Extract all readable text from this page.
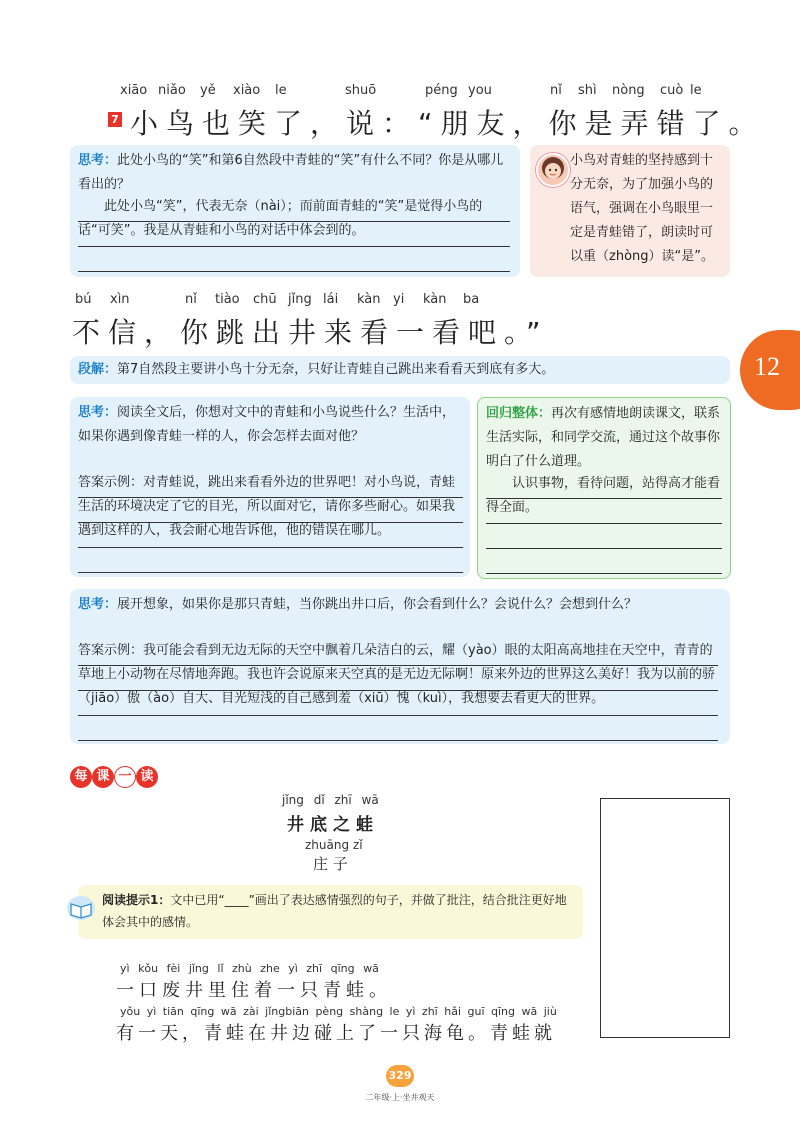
xiāo niǎo yě xiào le	shuō	péng you	nǐ shì nòng cuò le
7 小鸟也笑了，说：“朋友，你是弄错了。
思考：此处小鸟的“笑”和第6自然段中青蛙的“笑”有什么不同？你是从哪儿看出的？
此处小鸟“笑”，代表无奈（nài）；而前面青蛙的“笑”是觉得小鸟的话“可笑”。我是从青蛙和小鸟的对话中体会到的。
小鸟对青蛙的坚持感到十分无奈，为了加强小鸟的语气，强调在小鸟眼里一定是青蛙错了，朗读时可以重（zhòng）读“是”。
bú xìn	nǐ tiào chū jǐng lái kàn yi kàn ba
不信，你跳出井来看一看吧。”
段解：第7自然段主要讲小鸟十分无奈，只好让青蛙自己跳出来看看天到底有多大。	12
思考：阅读全文后，你想对文中的青蛙和小鸟说些什么？生活中，如果你遇到像青蛙一样的人，你会怎样去面对他？
答案示例：对青蛙说，跳出来看看外边的世界吧！对小鸟说，青蛙生活的环境决定了它的目光，所以面对它，请你多些耐心。如果我遇到这样的人，我会耐心地告诉他，他的错误在哪儿。
回归整体：再次有感情地朗读课文，联系生活实际，和同学交流，通过这个故事你明白了什么道理。
认识事物，看待问题，站得高才能看得全面。
思考：展开想象，如果你是那只青蛙，当你跳出井口后，你会看到什么？会说什么？会想到什么？
答案示例：我可能会看到无边无际的天空中飘着几朵洁白的云，耀（yào）眼的太阳高高地挂在天空中，青青的草地上小动物在尽情地奔跑。我也许会说原来天空真的是无边无际啊！原来外边的世界这么美好！我为以前的骄（jiāo）傲（ào）自大、目光短浅的自己感到羞（xiū）愧（kuì），我想要去看更大的世界。
每 课 一 读
jǐng dǐ zhī wā
井底之蛙
zhuāng zǐ
庄 子
阅读提示1：文中已用“____”画出了表达感情强烈的句子，并做了批注，结合批注更好地体会其中的感情。
yì kǒu fèi jǐng lǐ zhù zhe yì zhī qīng wā
一口废井里住着一只青蛙。
yǒu yì tiān qīng wā zài jǐngbiān pèng shàng le yì zhī hǎi guī qīng wā jiù
有一天，青蛙在井边碰上了一只海龟。青蛙就
329
二年级·上·坐井观天
